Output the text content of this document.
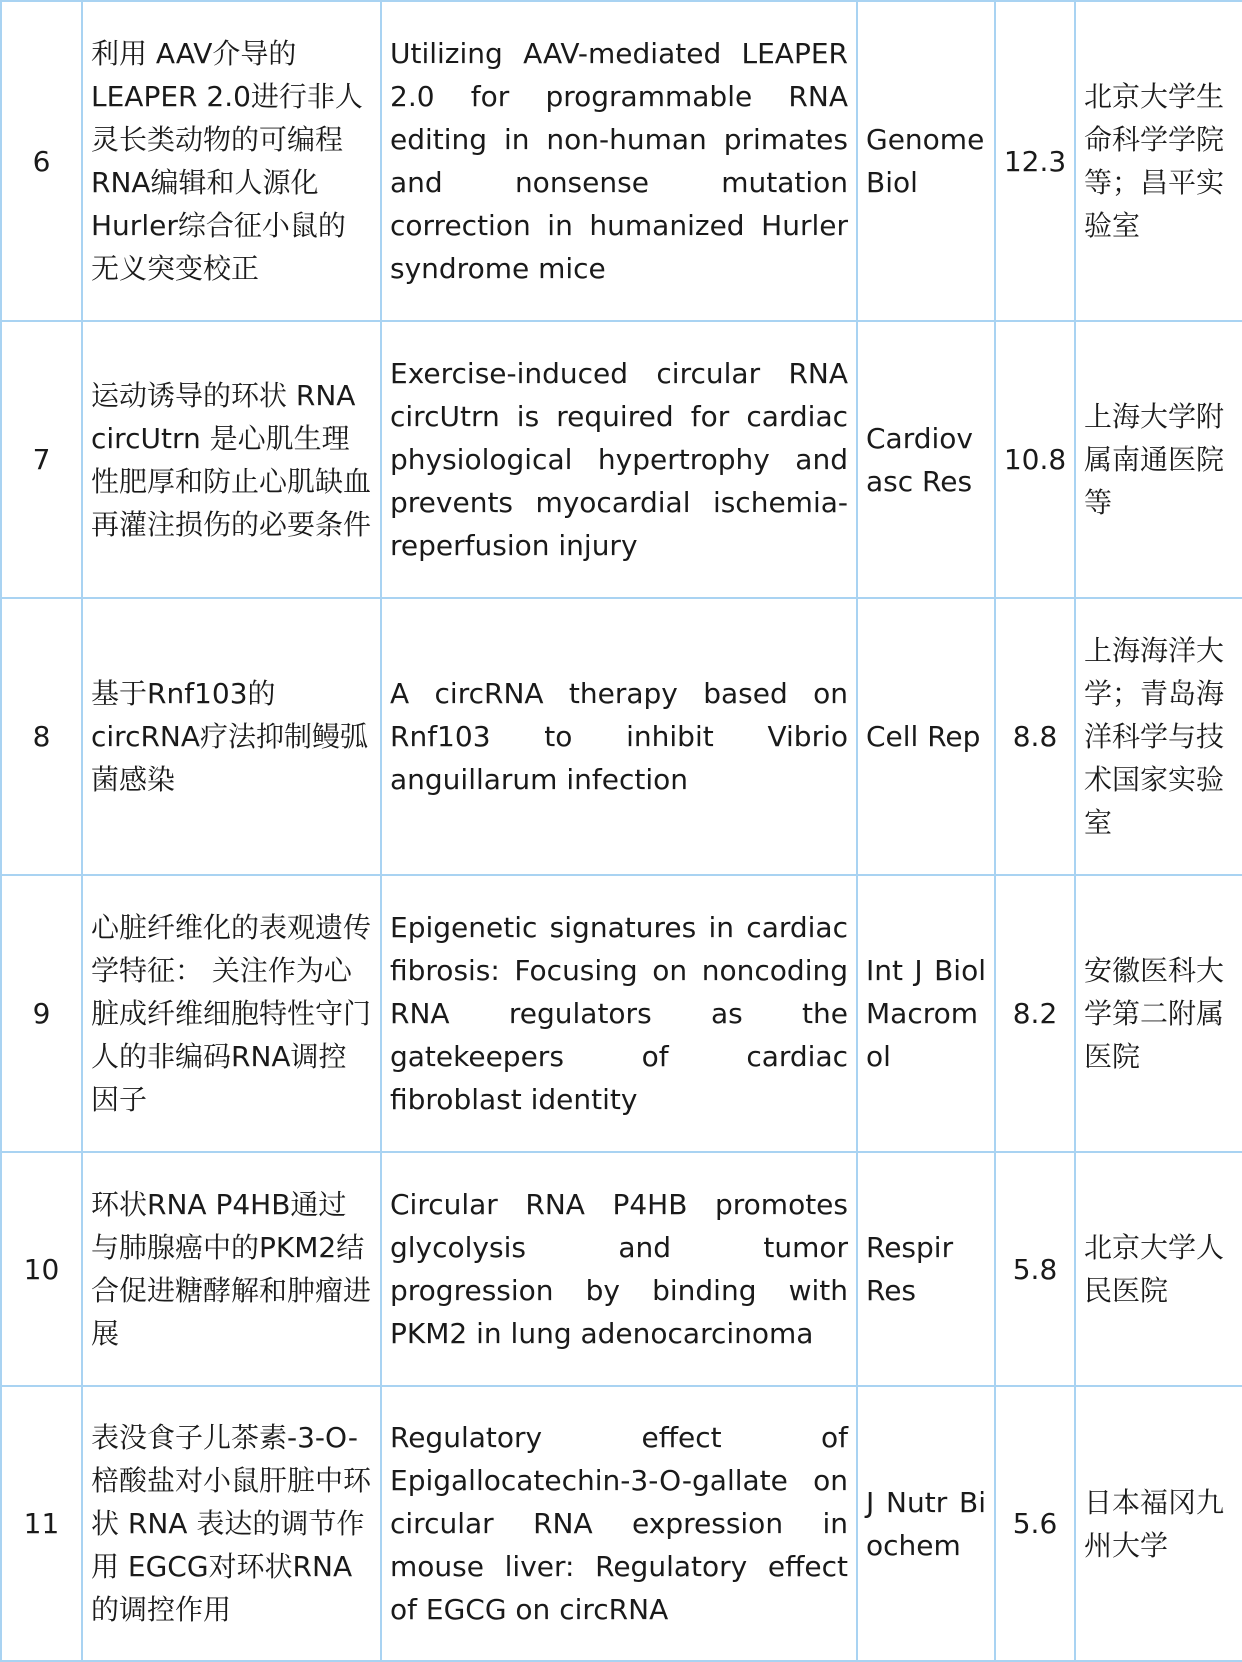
6	利用 AAV介导的LEAPER 2.0进行非人灵长类动物的可编程RNA编辑和人源化Hurler综合征小鼠的无义突变校正	Utilizing AAV-mediated LEAPER 2.0 for programmable RNA editing in non-human primates and nonsense mutation correction in humanized Hurler syndrome mice	Genome Biol	12.3	北京大学生命科学学院等；昌平实验室
7	运动诱导的环状 RNA circUtrn 是心肌生理性肥厚和防止心肌缺血再灌注损伤的必要条件	Exercise-induced circular RNA circUtrn is required for cardiac physiological hypertrophy and prevents myocardial ischemia-reperfusion injury	Cardiovasc Res	10.8	上海大学附属南通医院等
8	基于Rnf103的circRNA疗法抑制鳗弧菌感染	A circRNA therapy based on Rnf103 to inhibit Vibrio anguillarum infection	Cell Rep	8.8	上海海洋大学；青岛海洋科学与技术国家实验室
9	心脏纤维化的表观遗传学特征： 关注作为心脏成纤维细胞特性守门人的非编码RNA调控因子	Epigenetic signatures in cardiac fibrosis: Focusing on noncoding RNA regulators as the gatekeepers of cardiac fibroblast identity	Int J Biol Macromol	8.2	安徽医科大学第二附属医院
10	环状RNA P4HB通过与肺腺癌中的PKM2结合促进糖酵解和肿瘤进展	Circular RNA P4HB promotes glycolysis and tumor progression by binding with PKM2 in lung adenocarcinoma	Respir Res	5.8	北京大学人民医院
11	表没食子儿茶素-3-O-棓酸盐对小鼠肝脏中环状 RNA 表达的调节作用 EGCG对环状RNA的调控作用	Regulatory effect of Epigallocatechin-3-O-gallate on circular RNA expression in mouse liver: Regulatory effect of EGCG on circRNA	J Nutr Biochem	5.6	日本福冈九州大学
